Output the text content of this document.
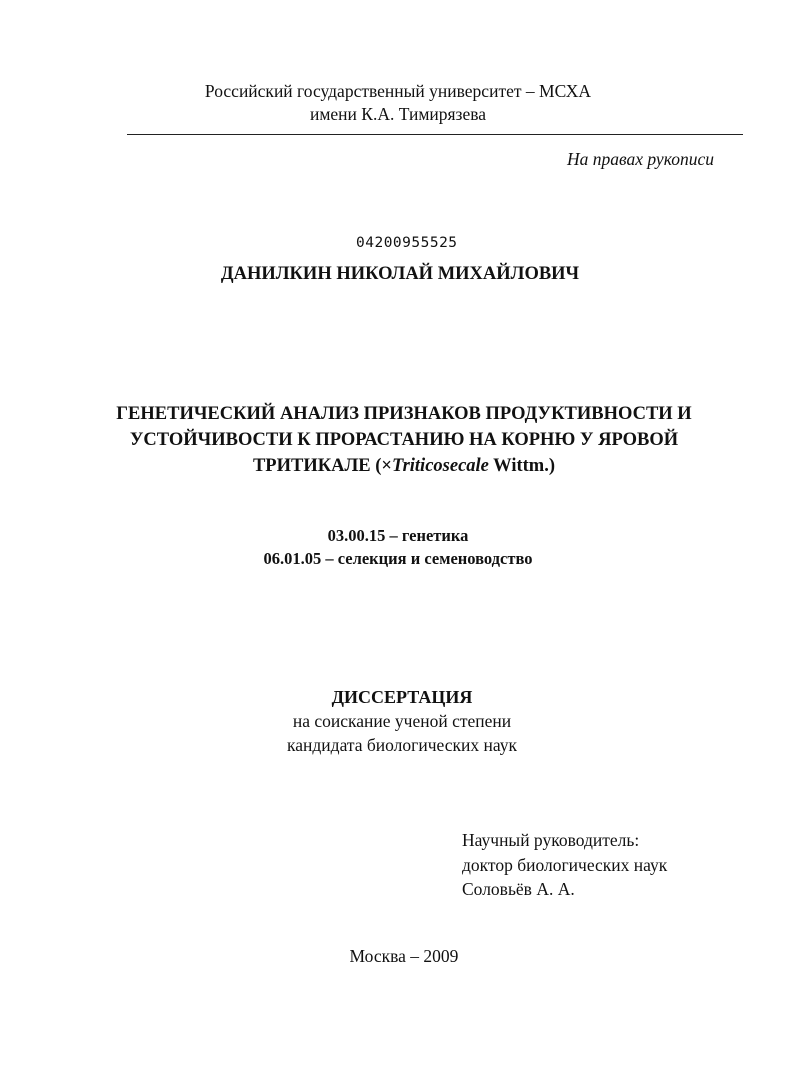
Российский государственный университет – МСХА
имени К.А. Тимирязева
На правах рукописи
04200955525
ДАНИЛКИН НИКОЛАЙ МИХАЙЛОВИЧ
ГЕНЕТИЧЕСКИЙ АНАЛИЗ ПРИЗНАКОВ ПРОДУКТИВНОСТИ И
УСТОЙЧИВОСТИ К ПРОРАСТАНИЮ НА КОРНЮ У ЯРОВОЙ
ТРИТИКАЛЕ (×Triticosecale Wittm.)
03.00.15 – генетика
06.01.05 – селекция и семеноводство
ДИССЕРТАЦИЯ
на соискание ученой степени
кандидата биологических наук
Научный руководитель:
доктор биологических наук
Соловьёв А. А.
Москва – 2009
